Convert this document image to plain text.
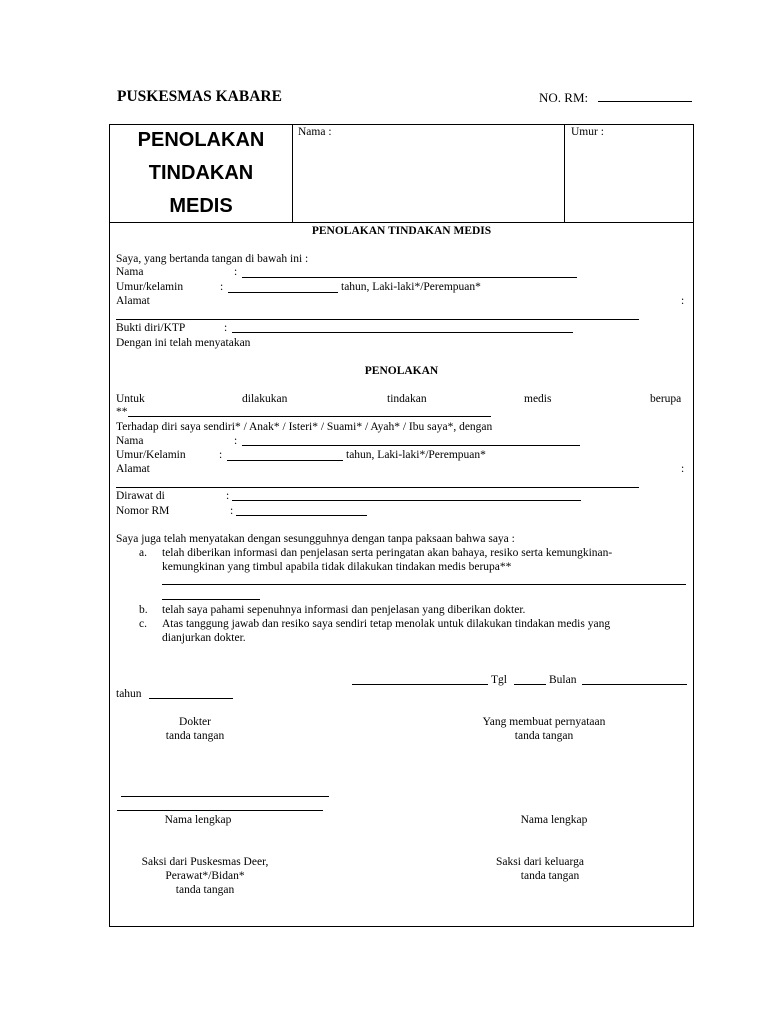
PUSKESMAS KABARE	NO. RM:
PENOLAKAN
TINDAKAN
MEDIS
Nama :	Umur :
PENOLAKAN TINDAKAN MEDIS
Saya, yang bertanda tangan di bawah ini :
Nama	:
Umur/kelamin	:	tahun, Laki-laki*/Perempuan*
Alamat	:
Bukti diri/KTP	:
Dengan ini telah menyatakan
PENOLAKAN
Untuk	dilakukan	tindakan	medis	berupa
**
Terhadap diri saya sendiri* / Anak* / Isteri* / Suami* / Ayah* / Ibu saya*, dengan
Nama	:
Umur/Kelamin	:	tahun, Laki-laki*/Perempuan*
Alamat	:
Dirawat di	:
Nomor RM	:
Saya juga telah menyatakan dengan sesungguhnya dengan tanpa paksaan bahwa saya :
a. telah diberikan informasi dan penjelasan serta peringatan akan bahaya, resiko serta kemungkinan-
kemungkinan yang timbul apabila tidak dilakukan tindakan medis berupa**
b. telah saya pahami sepenuhnya informasi dan penjelasan yang diberikan dokter.
c. Atas tanggung jawab dan resiko saya sendiri tetap menolak untuk dilakukan tindakan medis yang
dianjurkan dokter.
Tgl	Bulan
tahun
Dokter
tanda tangan
Yang membuat pernyataan
tanda tangan
Nama lengkap	Nama lengkap
Saksi dari Puskesmas Deer,
Perawat*/Bidan*
tanda tangan
Saksi dari keluarga
tanda tangan
